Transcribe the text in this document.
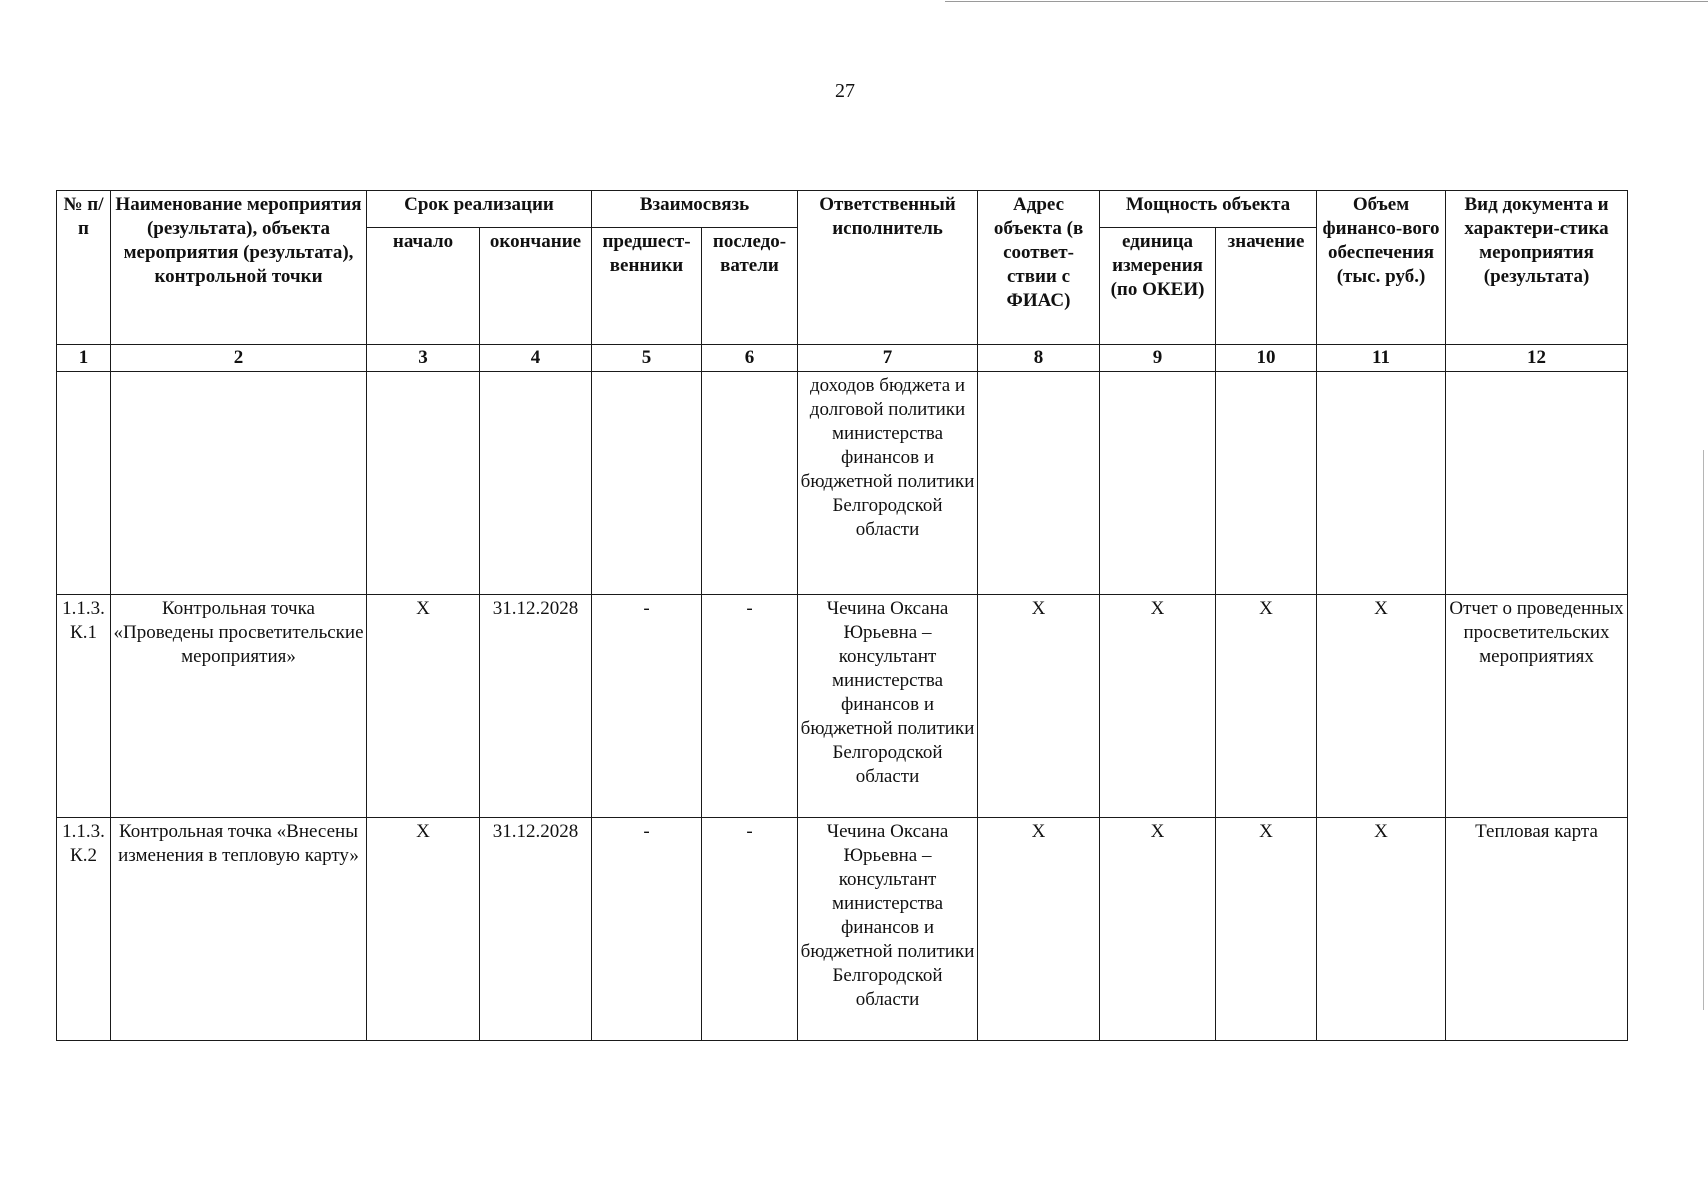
27
№ п/п	Наименование мероприятия (результата), объекта мероприятия (результата), контрольной точки	Срок реализации		Взаимосвязь		Ответственный исполнитель	Адрес объекта (в соответ-ствии с ФИАС)	Мощность объекта		Объем финансо-вого обеспечения (тыс. руб.)	Вид документа и характери-стика мероприятия (результата)
		начало	окончание	предшест-венники	последо-ватели			единица измерения (по ОКЕИ)	значение		
1	2	3	4	5	6	7	8	9	10	11	12
						доходов бюджета и долговой политики министерства финансов и бюджетной политики Белгородской области					
1.1.3. К.1	Контрольная точка «Проведены просветительские мероприятия»	X	31.12.2028	-	-	Чечина Оксана Юрьевна – консультант министерства финансов и бюджетной политики Белгородской области	X	X	X	X	Отчет о проведенных просветительских мероприятиях
1.1.3. К.2	Контрольная точка «Внесены изменения в тепловую карту»	X	31.12.2028	-	-	Чечина Оксана Юрьевна – консультант министерства финансов и бюджетной политики Белгородской области	X	X	X	X	Тепловая карта
